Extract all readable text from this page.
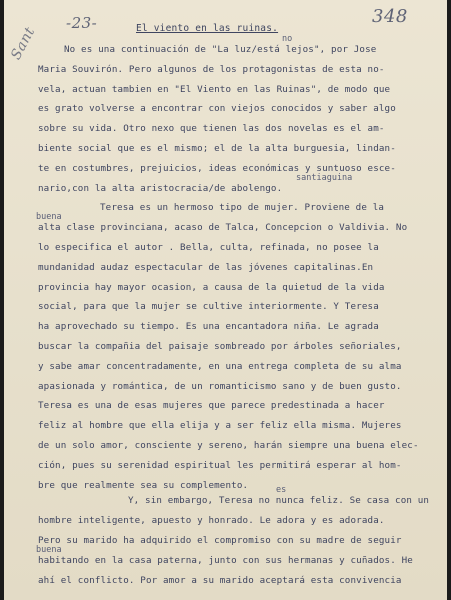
-23-	348
Sant	El viento en las ruinas.
no
santiaguina
buena
es
buena
No es una continuación de "La luz/está lejos", por Jose
Maria Souvirón. Pero algunos de los protagonistas de esta no-
vela, actuan tambien en "El Viento en las Ruinas", de modo que
es grato volverse a encontrar con viejos conocidos y saber algo
sobre su vida. Otro nexo que tienen las dos novelas es el am-
biente social que es el mismo; el de la alta burguesia, lindan-
te en costumbres, prejuicios, ideas económicas y suntuoso esce-
nario,con la alta aristocracia/de abolengo.
Teresa es un hermoso tipo de mujer. Proviene de la
alta clase provinciana, acaso de Talca, Concepcion o Valdivia. No
lo especifica el autor . Bella, culta, refinada, no posee la
mundanidad audaz espectacular de las jóvenes capitalinas.En
provincia hay mayor ocasion, a causa de la quietud de la vida
social, para que la mujer se cultive interiormente. Y Teresa
ha aprovechado su tiempo. Es una encantadora niña. Le agrada
buscar la compañia del paisaje sombreado por árboles señoriales,
y sabe amar concentradamente, en una entrega completa de su alma
apasionada y romántica, de un romanticismo sano y de buen gusto.
Teresa es una de esas mujeres que parece predestinada a hacer
feliz al hombre que ella elija y a ser feliz ella misma. Mujeres
de un solo amor, consciente y sereno, harán siempre una buena elec-
ción, pues su serenidad espiritual les permitirá esperar al hom-
bre que realmente sea su complemento.
Y, sin embargo, Teresa no nunca feliz. Se casa con un
hombre inteligente, apuesto y honrado. Le adora y es adorada.
Pero su marido ha adquirido el compromiso con su madre de seguir
habitando en la casa paterna, junto con sus hermanas y cuñados. He
ahí el conflicto. Por amor a su marido aceptará esta convivencia
